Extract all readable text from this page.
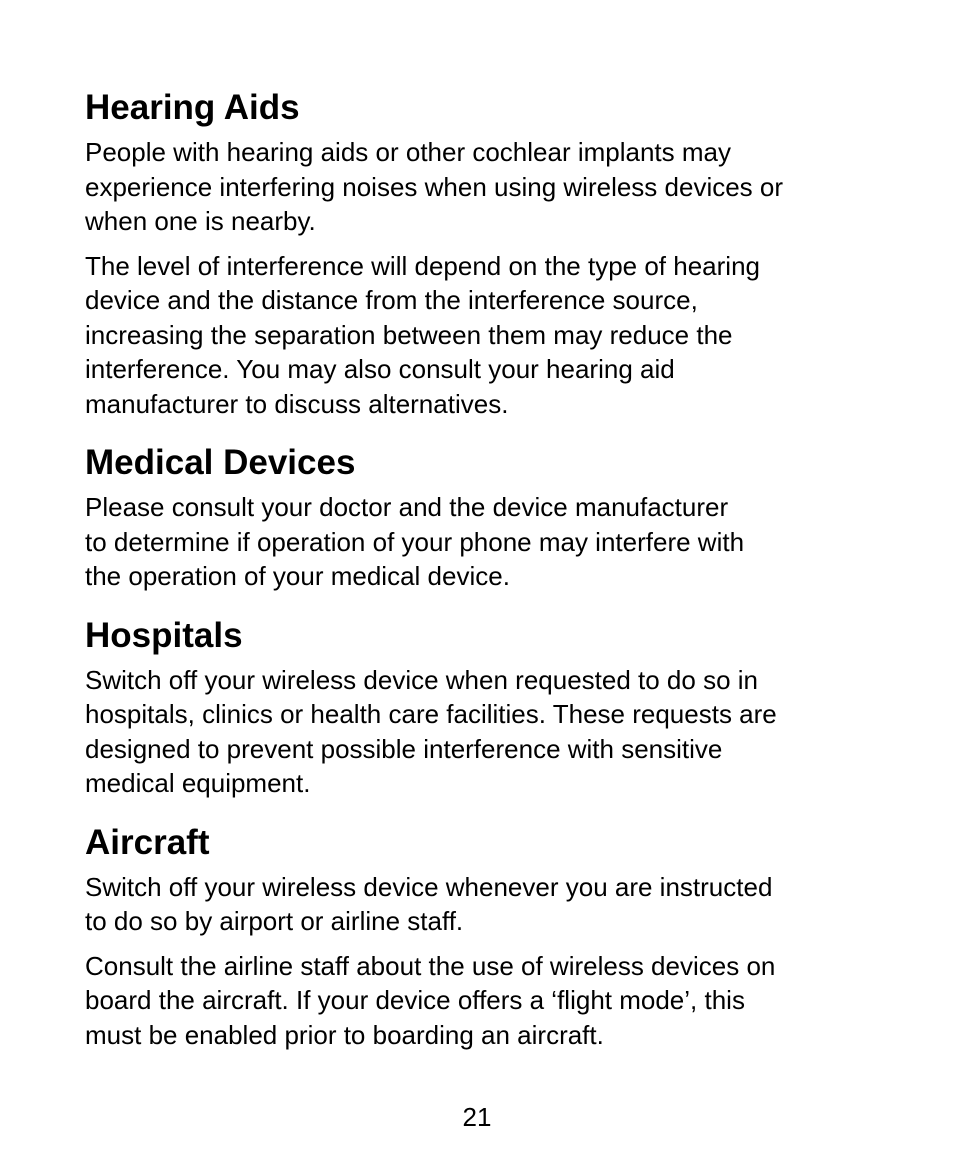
Hearing Aids

People with hearing aids or other cochlear implants may
experience interfering noises when using wireless devices or
when one is nearby.

The level of interference will depend on the type of hearing
device and the distance from the interference source,
increasing the separation between them may reduce the
interference. You may also consult your hearing aid
manufacturer to discuss alternatives.

Medical Devices

Please consult your doctor and the device manufacturer
to determine if operation of your phone may interfere with
the operation of your medical device.

Hospitals

Switch off your wireless device when requested to do so in
hospitals, clinics or health care facilities. These requests are
designed to prevent possible interference with sensitive
medical equipment.

Aircraft

Switch off your wireless device whenever you are instructed
to do so by airport or airline staff.

Consult the airline staff about the use of wireless devices on
board the aircraft. If your device offers a ‘flight mode’, this
must be enabled prior to boarding an aircraft.

21
